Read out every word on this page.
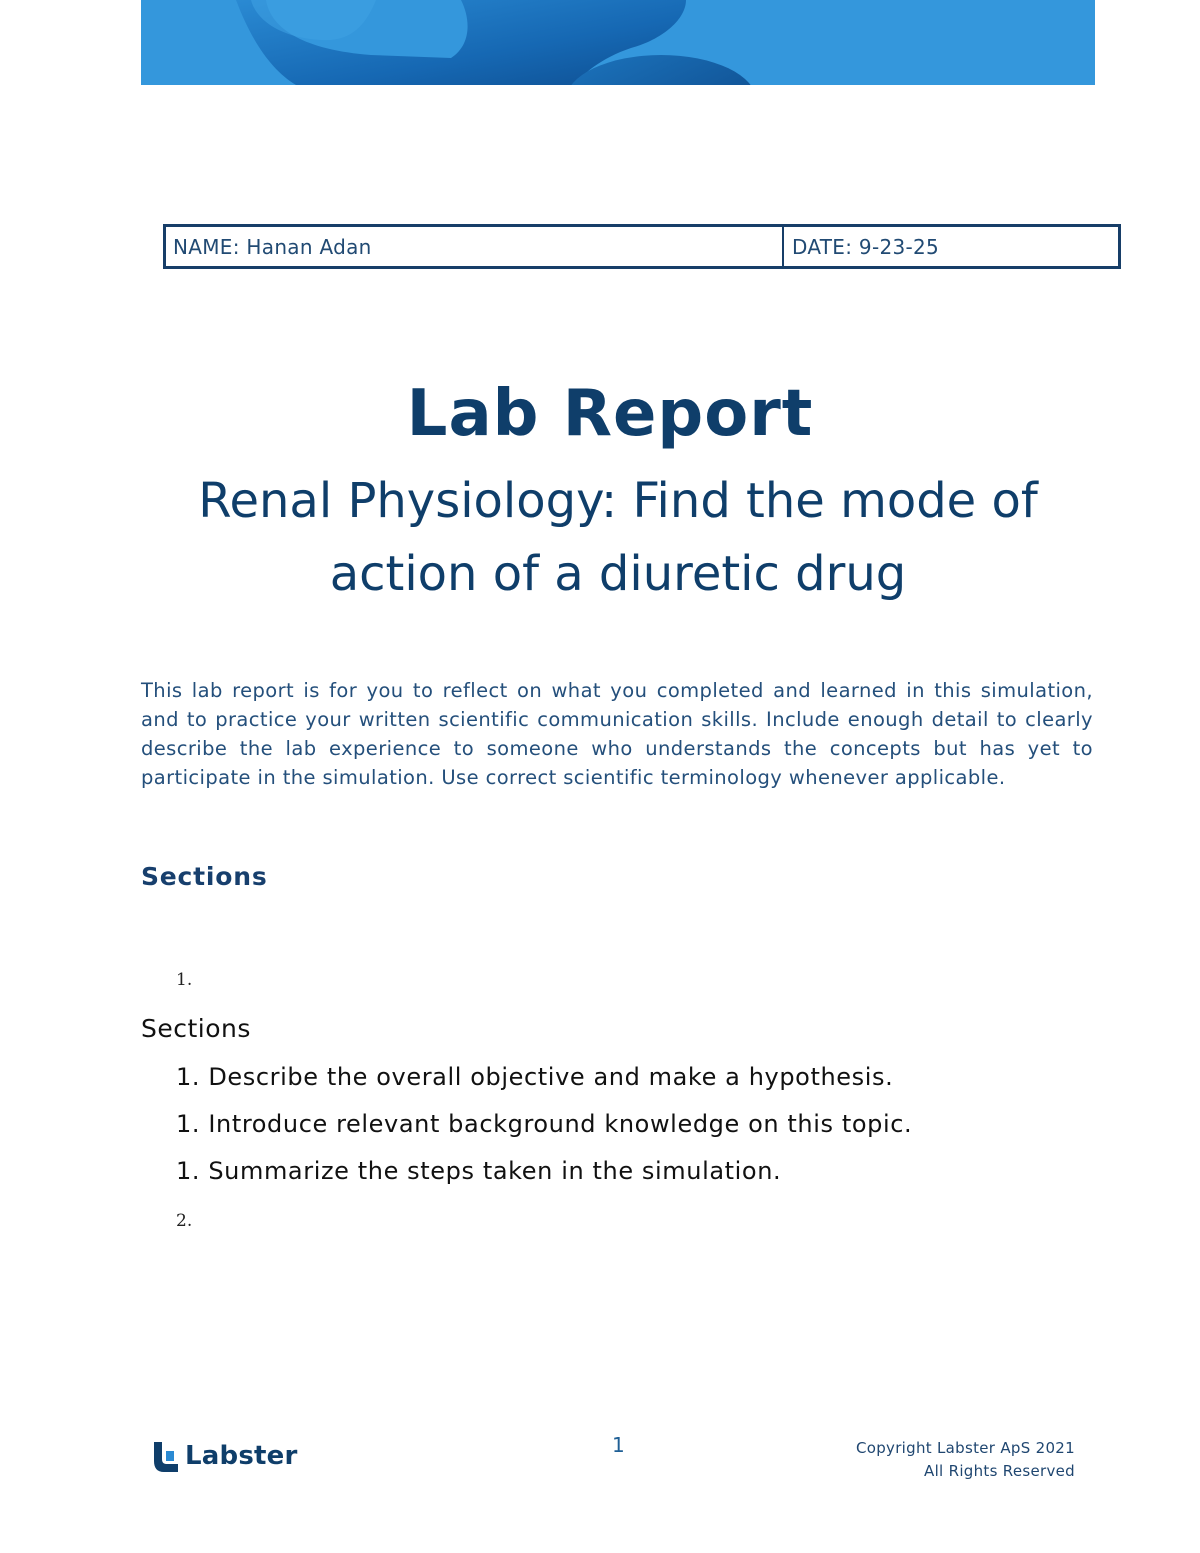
NAME: Hanan Adan	DATE: 9-23-25
Lab Report
Renal Physiology: Find the mode of
action of a diuretic drug
This lab report is for you to reflect on what you completed and learned in this simulation, and to practice your written scientific communication skills. Include enough detail to clearly describe the lab experience to someone who understands the concepts but has yet to participate in the simulation. Use correct scientific terminology whenever applicable.
Sections
1.
Sections
1. Describe the overall objective and make a hypothesis.
1. Introduce relevant background knowledge on this topic.
1. Summarize the steps taken in the simulation.
2.
Labster	1	Copyright Labster ApS 2021
All Rights Reserved
